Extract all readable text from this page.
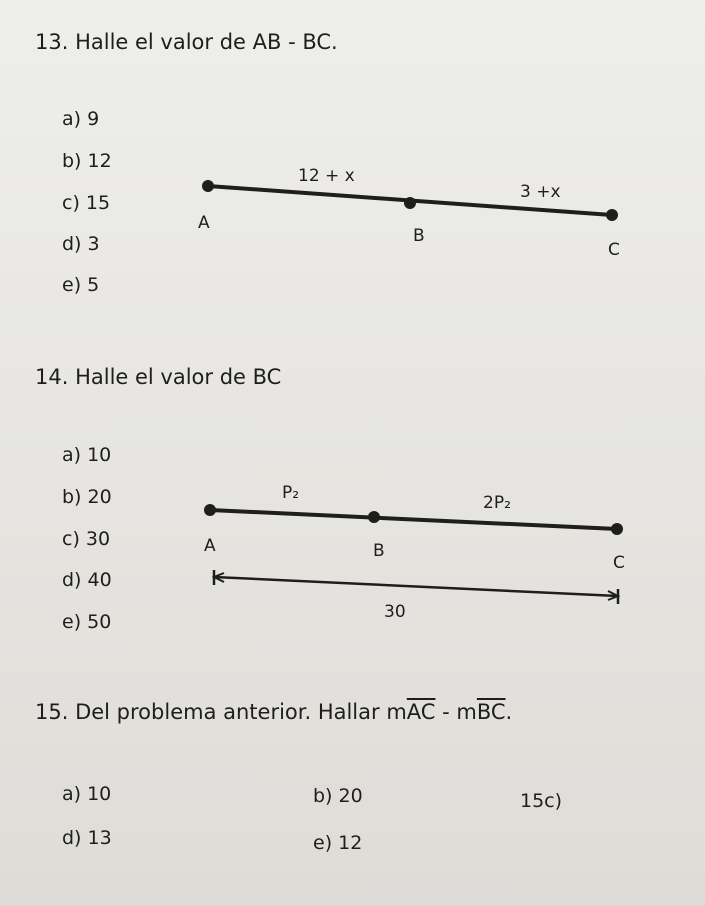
13. Halle el valor de AB - BC.
a) 9
b) 12
c) 15
d) 3
e) 5
12 + x
3 +x
A
B
C
14. Halle el valor de BC
a) 10
b) 20
c) 30
d) 40
e) 50
P₂	2P₂
A	B
C
30
15. Del problema anterior. Hallar $m\overline{AC} - m\overline{BC}$.
a) 10	b) 20	15c)
d) 13	e) 12
